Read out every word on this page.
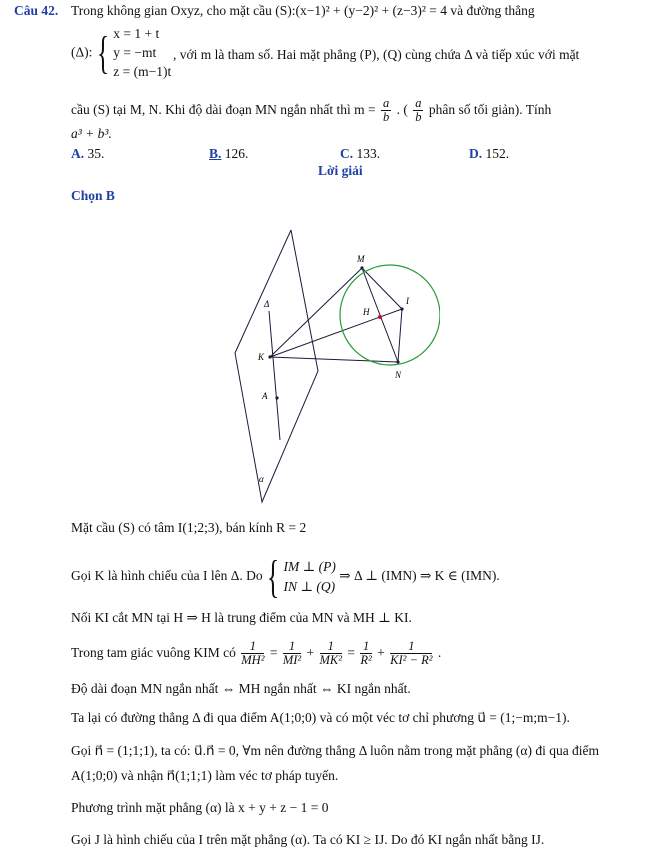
Câu 42. Trong không gian Oxyz, cho mặt cầu (S):(x−1)² + (y−2)² + (z−3)² = 4 và đường thẳng
(Δ): { x = 1 + t
y = −mt
z = (m−1)t
, với m là tham số. Hai mặt phẳng (P), (Q) cùng chứa Δ và tiếp xúc với mặt
cầu (S) tại M, N. Khi độ dài đoạn MN ngắn nhất thì $m = \frac{a}{b}$ . ( $\frac{a}{b}$ phân số tối giản). Tính
a³ + b³.
A. 35.	B. 126.	C. 133.	D. 152.
Lời giải
Chọn B
M
I
H
K
N
A
Δ
α
Mặt cầu (S) có tâm I(1;2;3), bán kính R = 2
Gọi K là hình chiếu của I lên Δ. Do { IM ⊥ (P)
IN ⊥ (Q)
⇒ Δ ⊥ (IMN) ⇒ K ∈ (IMN).
Nối KI cắt MN tại H ⇒ H là trung điểm của MN và MH ⊥ KI.
Trong tam giác vuông KIM có $\frac{1}{\text{MH²}} = \frac{1}{\text{MI²}} + \frac{1}{\text{MK²}} = \frac{1}{\text{R²}} + \frac{1}{\text{KI² − R²}}$ .
Độ dài đoạn MN ngắn nhất ⇔ MH ngắn nhất ⇔ KI ngắn nhất.
Ta lại có đường thẳng Δ đi qua điểm A(1;0;0) và có một véc tơ chỉ phương u⃗ = (1;−m;m−1).
Gọi n⃗ = (1;1;1), ta có: u⃗.n⃗ = 0, ∀m nên đường thẳng Δ luôn nằm trong mặt phẳng (α) đi qua điểm
A(1;0;0) và nhận n⃗(1;1;1) làm véc tơ pháp tuyến.
Phương trình mặt phẳng (α) là x + y + z − 1 = 0
Gọi J là hình chiếu của I trên mặt phẳng (α). Ta có KI ≥ IJ. Do đó KI ngắn nhất bằng IJ.
